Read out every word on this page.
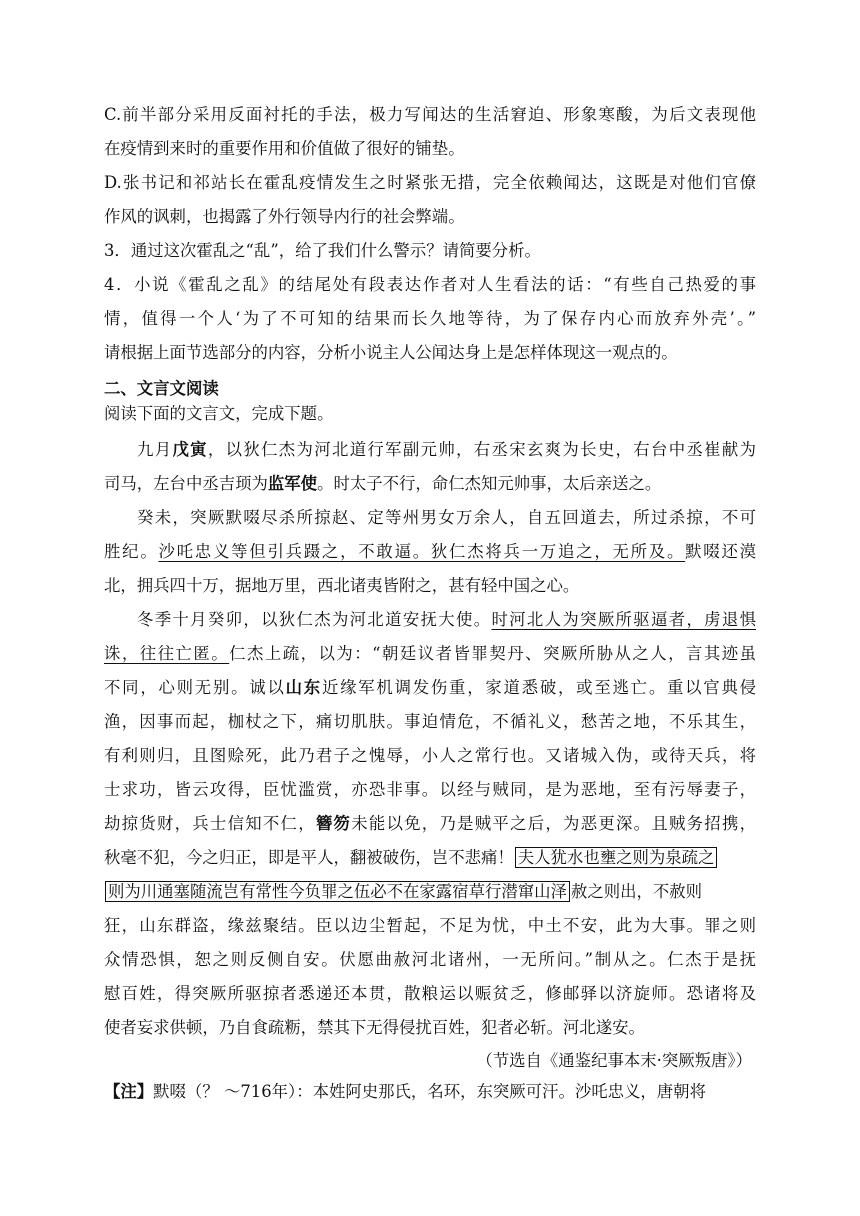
C.前半部分采用反面衬托的手法，极力写闻达的生活窘迫、形象寒酸，为后文表现他
在疫情到来时的重要作用和价值做了很好的铺垫。
D.张书记和祁站长在霍乱疫情发生之时紧张无措，完全依赖闻达，这既是对他们官僚
作风的讽刺，也揭露了外行领导内行的社会弊端。
3．通过这次霍乱之“乱”，给了我们什么警示？请简要分析。
4．小说《霍乱之乱》的结尾处有段表达作者对人生看法的话：“有些自己热爱的事
情，值得一个人‘为了不可知的结果而长久地等待，为了保存内心而放弃外壳’。”
请根据上面节选部分的内容，分析小说主人公闻达身上是怎样体现这一观点的。
二、文言文阅读
阅读下面的文言文，完成下题。
九月戊寅，以狄仁杰为河北道行军副元帅，右丞宋玄爽为长史，右台中丞崔献为
司马，左台中丞吉顼为监军使。时太子不行，命仁杰知元帅事，太后亲送之。
癸未，突厥默啜尽杀所掠赵、定等州男女万余人，自五回道去，所过杀掠，不可
胜纪。沙吒忠义等但引兵蹑之，不敢逼。狄仁杰将兵一万追之，无所及。默啜还漠
北，拥兵四十万，据地万里，西北诸夷皆附之，甚有轻中国之心。
冬季十月癸卯，以狄仁杰为河北道安抚大使。时河北人为突厥所驱逼者，虏退惧
诛，往往亡匿。仁杰上疏，以为：“朝廷议者皆罪契丹、突厥所胁从之人，言其迹虽
不同，心则无别。诚以山东近缘军机调发伤重，家道悉破，或至逃亡。重以官典侵
渔，因事而起，枷杖之下，痛切肌肤。事迫情危，不循礼义，愁苦之地，不乐其生，
有利则归，且图赊死，此乃君子之愧辱，小人之常行也。又诸城入伪，或待天兵，将
士求功，皆云攻得，臣忧滥赏，亦恐非事。以经与贼同，是为恶地，至有污辱妻子，
劫掠货财，兵士信知不仁，簪笏未能以免，乃是贼平之后，为恶更深。且贼务招携，
秋毫不犯，今之归正，即是平人，翻被破伤，岂不悲痛！ 夫人犹水也壅之则为泉疏之
则为川通塞随流岂有常性今负罪之伍必不在家露宿草行潜窜山泽 赦之则出，不赦则
狂，山东群盗，缘兹聚结。臣以边尘暂起，不足为忧，中土不安，此为大事。罪之则
众情恐惧，恕之则反侧自安。伏愿曲赦河北诸州，一无所问。”制从之。仁杰于是抚
慰百姓，得突厥所驱掠者悉递还本贯，散粮运以赈贫乏，修邮驿以济旋师。恐诸将及
使者妄求供顿，乃自食疏粝，禁其下无得侵扰百姓，犯者必斩。河北遂安。
（节选自《通鉴纪事本末·突厥叛唐》）
【注】默啜（？ ～716年）：本姓阿史那氏，名环，东突厥可汗。沙吒忠义，唐朝将
